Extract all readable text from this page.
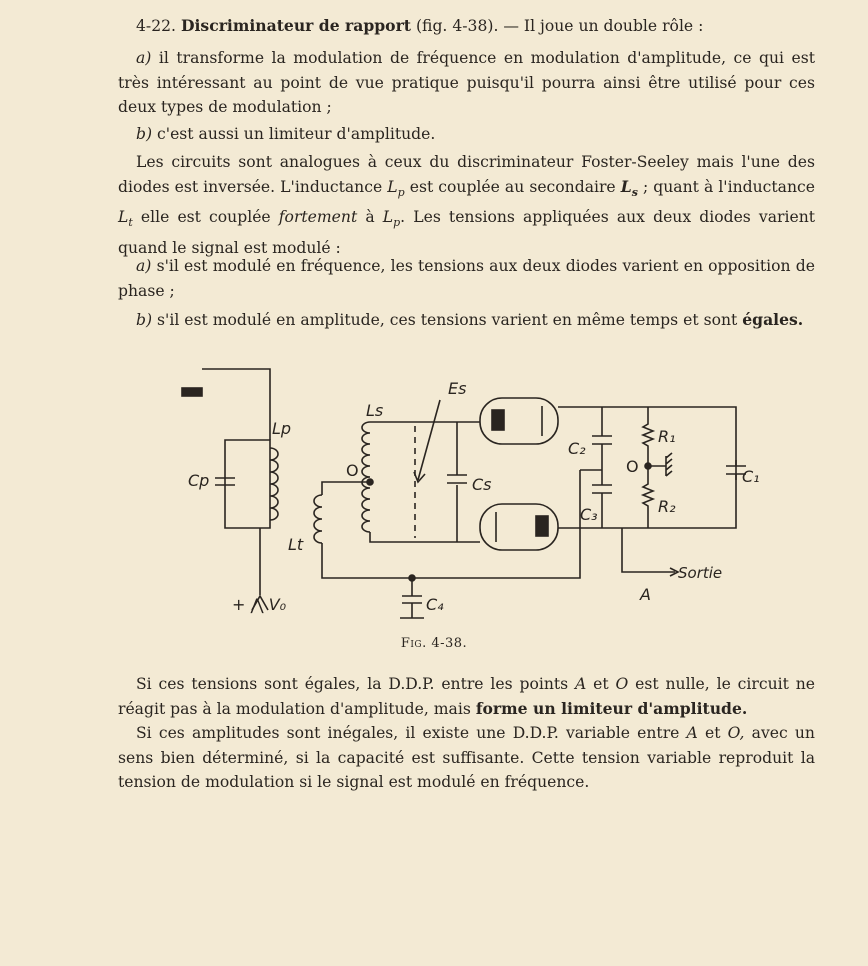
4-22. Discriminateur de rapport (fig. 4-38). — Il joue un double rôle :

a) il transforme la modulation de fréquence en modulation d'amplitude, ce qui est très intéressant au point de vue pratique puisqu'il pourra ainsi être utilisé pour ces deux types de modulation ;

b) c'est aussi un limiteur d'amplitude.

Les circuits sont analogues à ceux du discriminateur Foster-Seeley mais l'une des diodes est inversée. L'inductance $L_p$ est couplée au secondaire $L_s$ ; quant à l'inductance $L_t$ elle est couplée fortement à $L_p$. Les tensions appliquées aux deux diodes varient quand le signal est modulé :

a) s'il est modulé en fréquence, les tensions aux deux diodes varient en opposition de phase ;

b) s'il est modulé en amplitude, ces tensions varient en même temps et sont égales.

Lp
Cp
Lt
+ ⋀ V₀
Ls
O
Es
Cs
C₂
C₃
O
R₁
R₂
C₁
C₄
Sortie
A
Fig. 4-38.

Si ces tensions sont égales, la D.D.P. entre les points A et O est nulle, le circuit ne réagit pas à la modulation d'amplitude, mais forme un limiteur d'amplitude.

Si ces amplitudes sont inégales, il existe une D.D.P. variable entre A et O, avec un sens bien déterminé, si la capacité est suffisante. Cette tension variable reproduit la tension de modulation si le signal est modulé en fréquence.
